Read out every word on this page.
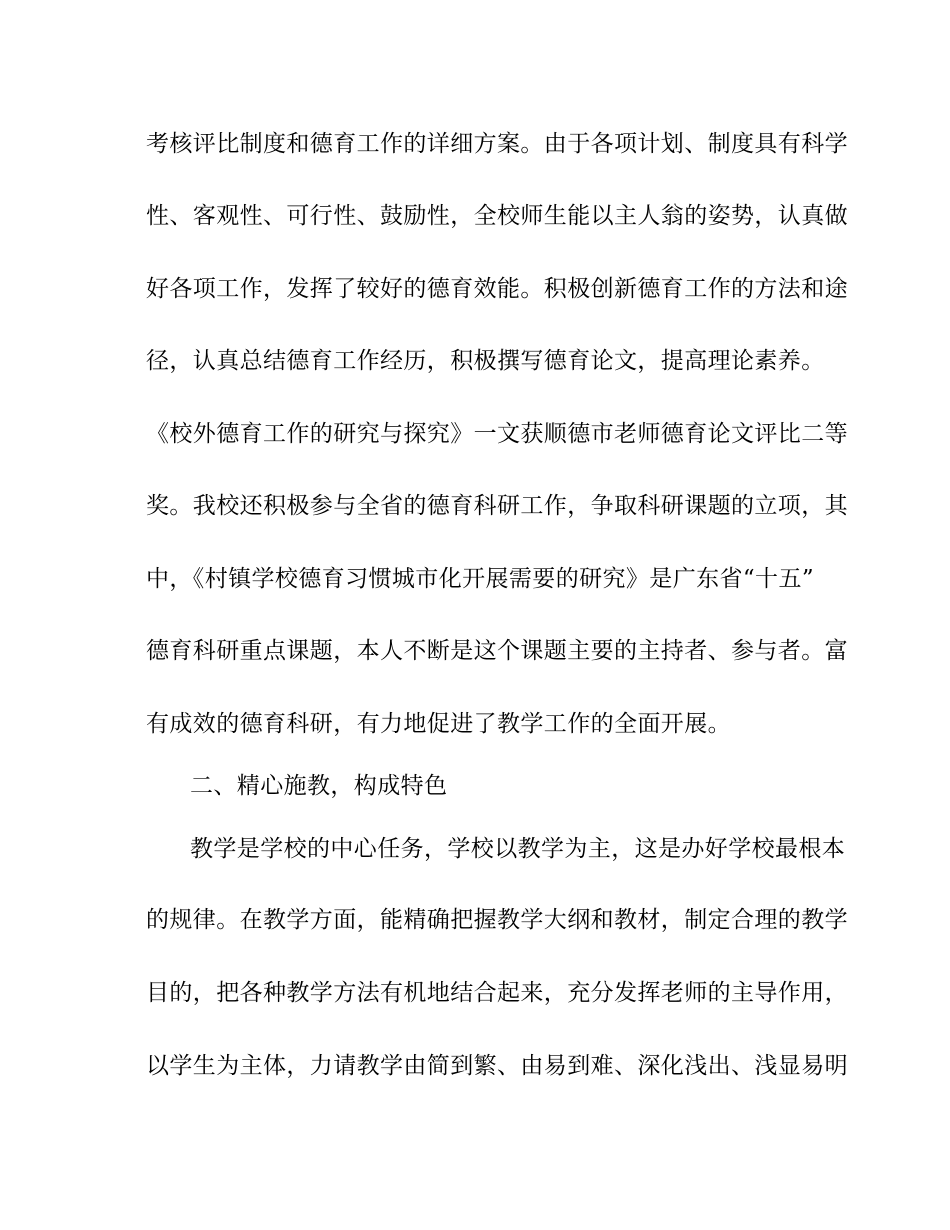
考核评比制度和德育工作的详细方案。由于各项计划、制度具有科学
性、客观性、可行性、鼓励性，全校师生能以主人翁的姿势，认真做
好各项工作，发挥了较好的德育效能。积极创新德育工作的方法和途
径，认真总结德育工作经历，积极撰写德育论文，提高理论素养。
《校外德育工作的研究与探究》一文获顺德市老师德育论文评比二等
奖。我校还积极参与全省的德育科研工作，争取科研课题的立项，其
中，《村镇学校德育习惯城市化开展需要的研究》是广东省“十五”
德育科研重点课题，本人不断是这个课题主要的主持者、参与者。富
有成效的德育科研，有力地促进了教学工作的全面开展。
二、精心施教，构成特色
教学是学校的中心任务，学校以教学为主，这是办好学校最根本
的规律。在教学方面，能精确把握教学大纲和教材，制定合理的教学
目的，把各种教学方法有机地结合起来，充分发挥老师的主导作用，
以学生为主体，力请教学由简到繁、由易到难、深化浅出、浅显易明
